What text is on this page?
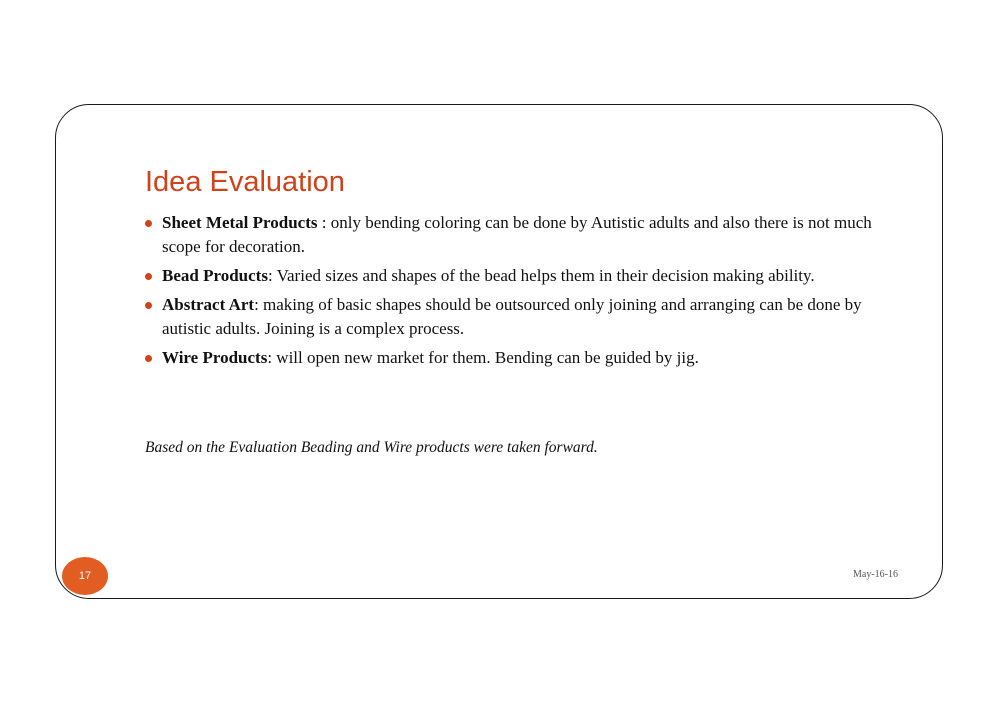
Idea Evaluation
Sheet Metal Products : only bending coloring can be done by Autistic adults and also there is not much scope for decoration.
Bead Products: Varied sizes and shapes of the bead helps them in their decision making ability.
Abstract Art: making of basic shapes should be outsourced only joining and arranging can be done by autistic adults. Joining is a complex process.
Wire Products: will open new market for them. Bending can be guided by jig.

Based on the Evaluation Beading and Wire products were taken forward.

17	May-16-16
